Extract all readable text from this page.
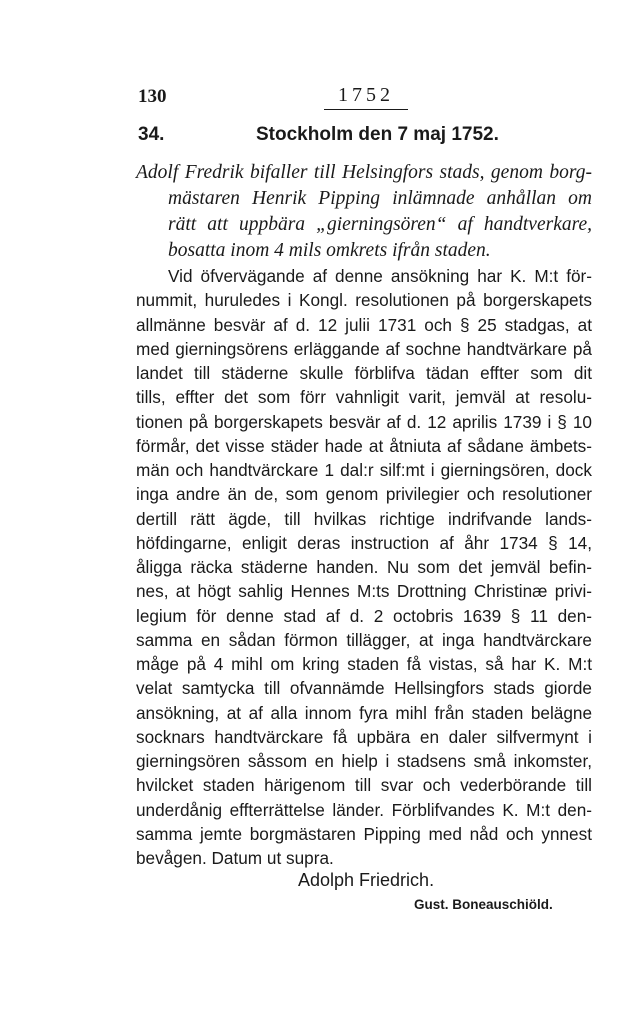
130	1752
34.	Stockholm den 7 maj 1752.
Adolf Fredrik bifaller till Helsingfors stads, genom borg-
mästaren Henrik Pipping inlämnade anhållan om
rätt att uppbära „gierningsören“ af handtverkare,
bosatta inom 4 mils omkrets ifrån staden.
Vid öfvervägande af denne ansökning har K. M:t för-
nummit, huruledes i Kongl. resolutionen på borgerskapets
allmänne besvär af d. 12 julii 1731 och § 25 stadgas, at
med gierningsörens erläggande af sochne handtvärkare på
landet till städerne skulle förblifva tädan effter som dit
tills, effter det som förr vahnligit varit, jemväl at resolu-
tionen på borgerskapets besvär af d. 12 aprilis 1739 i § 10
förmår, det visse städer hade at åtniuta af sådane ämbets-
män och handtvärckare 1 dal:r silf:mt i gierningsören, dock
inga andre än de, som genom privilegier och resolutioner
dertill rätt ägde, till hvilkas richtige indrifvande lands-
höfdingarne, enligit deras instruction af åhr 1734 § 14,
åligga räcka städerne handen. Nu som det jemväl befin-
nes, at högt sahlig Hennes M:ts Drottning Christinæ privi-
legium för denne stad af d. 2 octobris 1639 § 11 den-
samma en sådan förmon tillägger, at inga handtvärckare
måge på 4 mihl om kring staden få vistas, så har K. M:t
velat samtycka till ofvannämde Hellsingfors stads giorde
ansökning, at af alla innom fyra mihl från staden belägne
socknars handtvärckare få upbära en daler silfvermynt i
gierningsören såssom en hielp i stadsens små inkomster,
hvilcket staden härigenom till svar och vederbörande till
underdånig effterrättelse länder. Förblifvandes K. M:t den-
samma jemte borgmästaren Pipping med nåd och ynnest
bevågen. Datum ut supra.
Adolph Friedrich.
Gust. Boneauschiöld.
